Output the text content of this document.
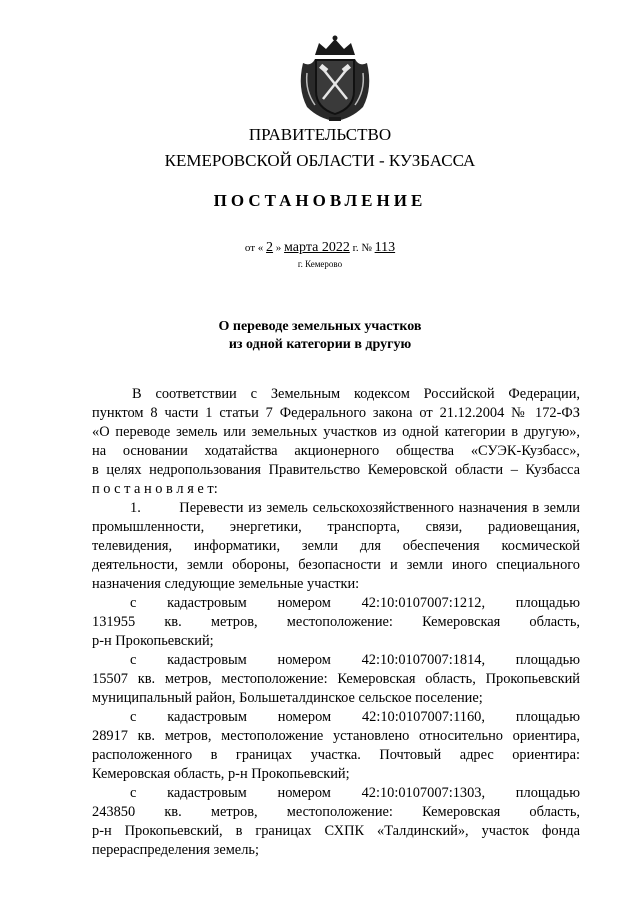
ПРАВИТЕЛЬСТВО
КЕМЕРОВСКОЙ ОБЛАСТИ - КУЗБАССА
ПОСТАНОВЛЕНИЕ
от « 2 » марта 2022 г. № 113
г. Кемерово
О переводе земельных участков
из одной категории в другую
В соответствии с Земельным кодексом Российской Федерации,
пунктом 8 части 1 статьи 7 Федерального закона от 21.12.2004 № 172-ФЗ
«О переводе земель или земельных участков из одной категории в другую»,
на основании ходатайства акционерного общества «СУЭК-Кузбасс»,
в целях недропользования Правительство Кемеровской области – Кузбасса
п о с т а н о в л я е т:
1.        Перевести из земель сельскохозяйственного назначения в земли
промышленности, энергетики, транспорта, связи, радиовещания,
телевидения, информатики, земли для обеспечения космической
деятельности, земли обороны, безопасности и земли иного специального
назначения следующие земельные участки:
с кадастровым номером 42:10:0107007:1212, площадью
131955 кв. метров, местоположение: Кемеровская область,
р-н Прокопьевский;
с кадастровым номером 42:10:0107007:1814, площадью
15507 кв. метров, местоположение: Кемеровская область, Прокопьевский
муниципальный район, Большеталдинское сельское поселение;
с кадастровым номером 42:10:0107007:1160, площадью
28917 кв. метров, местоположение установлено относительно ориентира,
расположенного в границах участка. Почтовый адрес ориентира:
Кемеровская область, р-н Прокопьевский;
с кадастровым номером 42:10:0107007:1303, площадью
243850 кв. метров, местоположение: Кемеровская область,
р-н Прокопьевский, в границах СХПК «Талдинский», участок фонда
перераспределения земель;
